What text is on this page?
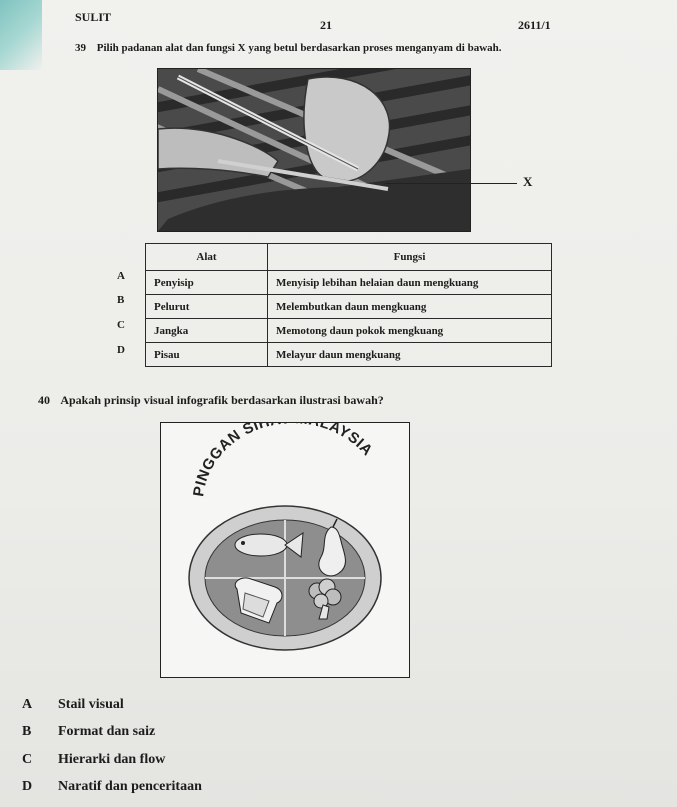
SULIT
21	2611/1
39 Pilih padanan alat dan fungsi X yang betul berdasarkan proses menganyam di bawah.
X
A
B
C
D
Alat	Fungsi
Penyisip	Menyisip lebihan helaian daun mengkuang
Pelurut	Melembutkan daun mengkuang
Jangka	Memotong daun pokok mengkuang
Pisau	Melayur daun mengkuang
40 Apakah prinsip visual infografik berdasarkan ilustrasi bawah?
PINGGAN SI LAYSIA
A Stail visual
B Format dan saiz
C Hierarki dan flow
D Naratif dan penceritaan
